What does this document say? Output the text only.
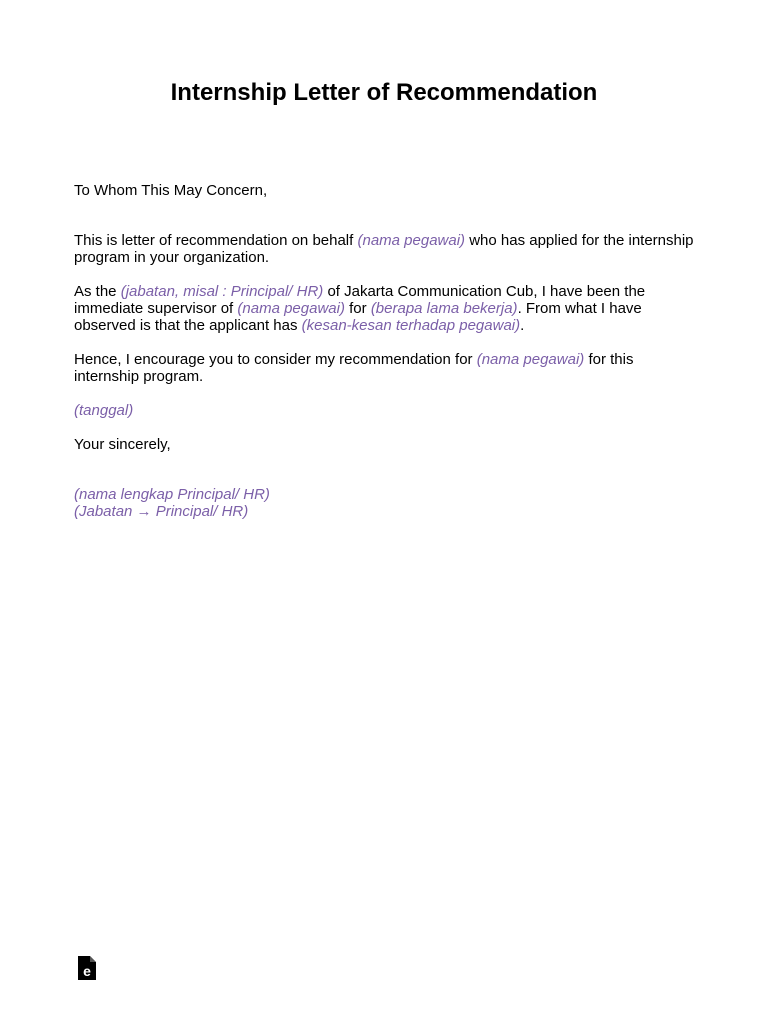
Internship Letter of Recommendation

To Whom This May Concern,

This is letter of recommendation on behalf (nama pegawai) who has applied for the internship program in your organization.

As the (jabatan, misal : Principal/ HR) of Jakarta Communication Cub, I have been the immediate supervisor of (nama pegawai) for (berapa lama bekerja). From what I have observed is that the applicant has (kesan-kesan terhadap pegawai).

Hence, I encourage you to consider my recommendation for (nama pegawai) for this internship program.

(tanggal)

Your sincerely,

(nama lengkap Principal/ HR)

(Jabatan → Principal/ HR)

e
